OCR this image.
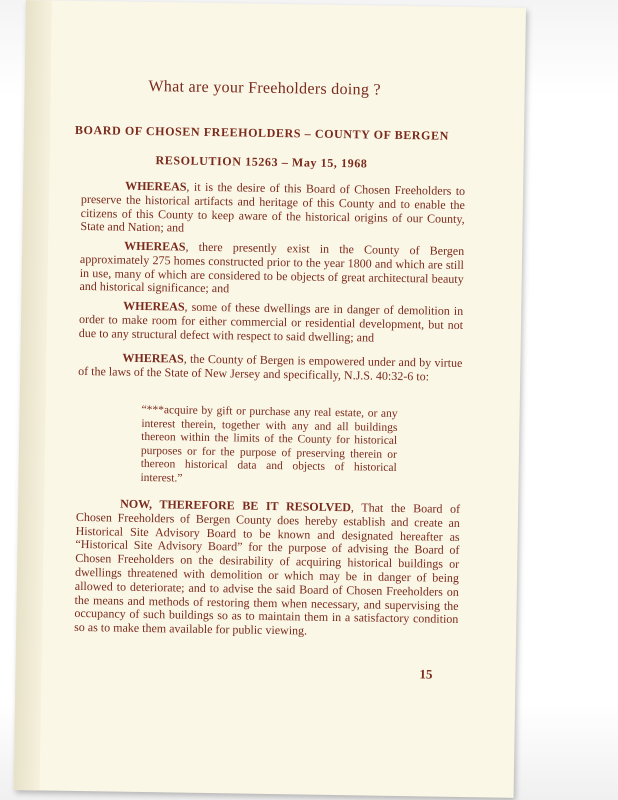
What are your Freeholders doing ?
BOARD OF CHOSEN FREEHOLDERS – COUNTY OF BERGEN
RESOLUTION 15263 – May 15, 1968

WHEREAS, it is the desire of this Board of Chosen Freeholders to preserve the historical artifacts and heritage of this County and to enable the citizens of this County to keep aware of the historical origins of our County, State and Nation; and

WHEREAS, there presently exist in the County of Bergen approximately 275 homes constructed prior to the year 1800 and which are still in use, many of which are considered to be objects of great architectural beauty and historical significance; and

WHEREAS, some of these dwellings are in danger of demolition in order to make room for either commercial or residential development, but not due to any structural defect with respect to said dwelling; and

WHEREAS, the County of Bergen is empowered under and by virtue of the laws of the State of New Jersey and specifically, N.J.S. 40:32-6 to:

“***acquire by gift or purchase any real estate, or any interest therein, together with any and all buildings thereon within the limits of the County for historical purposes or for the purpose of preserving therein or thereon historical data and objects of historical interest.”

NOW, THEREFORE BE IT RESOLVED, That the Board of Chosen Freeholders of Bergen County does hereby establish and create an Historical Site Advisory Board to be known and designated hereafter as “Historical Site Advisory Board” for the purpose of advising the Board of Chosen Freeholders on the desirability of acquiring historical buildings or dwellings threatened with demolition or which may be in danger of being allowed to deteriorate; and to advise the said Board of Chosen Freeholders on the means and methods of restoring them when necessary, and supervising the occupancy of such buildings so as to maintain them in a satisfactory condition so as to make them available for public viewing.

15
